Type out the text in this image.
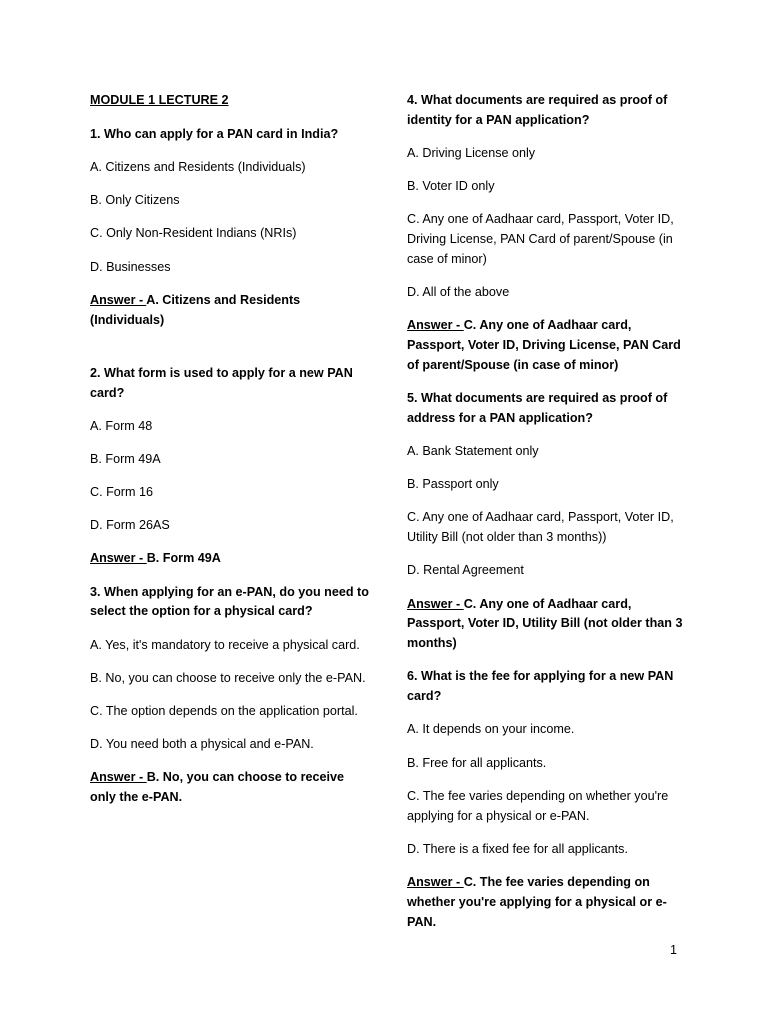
MODULE 1 LECTURE 2
1. Who can apply for a PAN card in India?
A. Citizens and Residents (Individuals)
B. Only Citizens
C. Only Non-Resident Indians (NRIs)
D. Businesses
Answer - A. Citizens and Residents (Individuals)
2. What form is used to apply for a new PAN card?
A. Form 48
B. Form 49A
C. Form 16
D. Form 26AS
Answer - B. Form 49A
3. When applying for an e-PAN, do you need to select the option for a physical card?
A. Yes, it's mandatory to receive a physical card.
B. No, you can choose to receive only the e-PAN.
C. The option depends on the application portal.
D. You need both a physical and e-PAN.
Answer - B. No, you can choose to receive only the e-PAN.
4. What documents are required as proof of identity for a PAN application?
A. Driving License only
B. Voter ID only
C. Any one of Aadhaar card, Passport, Voter ID, Driving License, PAN Card of parent/Spouse (in case of minor)
D. All of the above
Answer - C. Any one of Aadhaar card, Passport, Voter ID, Driving License, PAN Card of parent/Spouse (in case of minor)
5. What documents are required as proof of address for a PAN application?
A. Bank Statement only
B. Passport only
C. Any one of Aadhaar card, Passport, Voter ID, Utility Bill (not older than 3 months))
D. Rental Agreement
Answer - C. Any one of Aadhaar card, Passport, Voter ID, Utility Bill (not older than 3 months)
6. What is the fee for applying for a new PAN card?
A. It depends on your income.
B. Free for all applicants.
C. The fee varies depending on whether you're applying for a physical or e-PAN.
D. There is a fixed fee for all applicants.
Answer - C. The fee varies depending on whether you're applying for a physical or e-PAN.
1
